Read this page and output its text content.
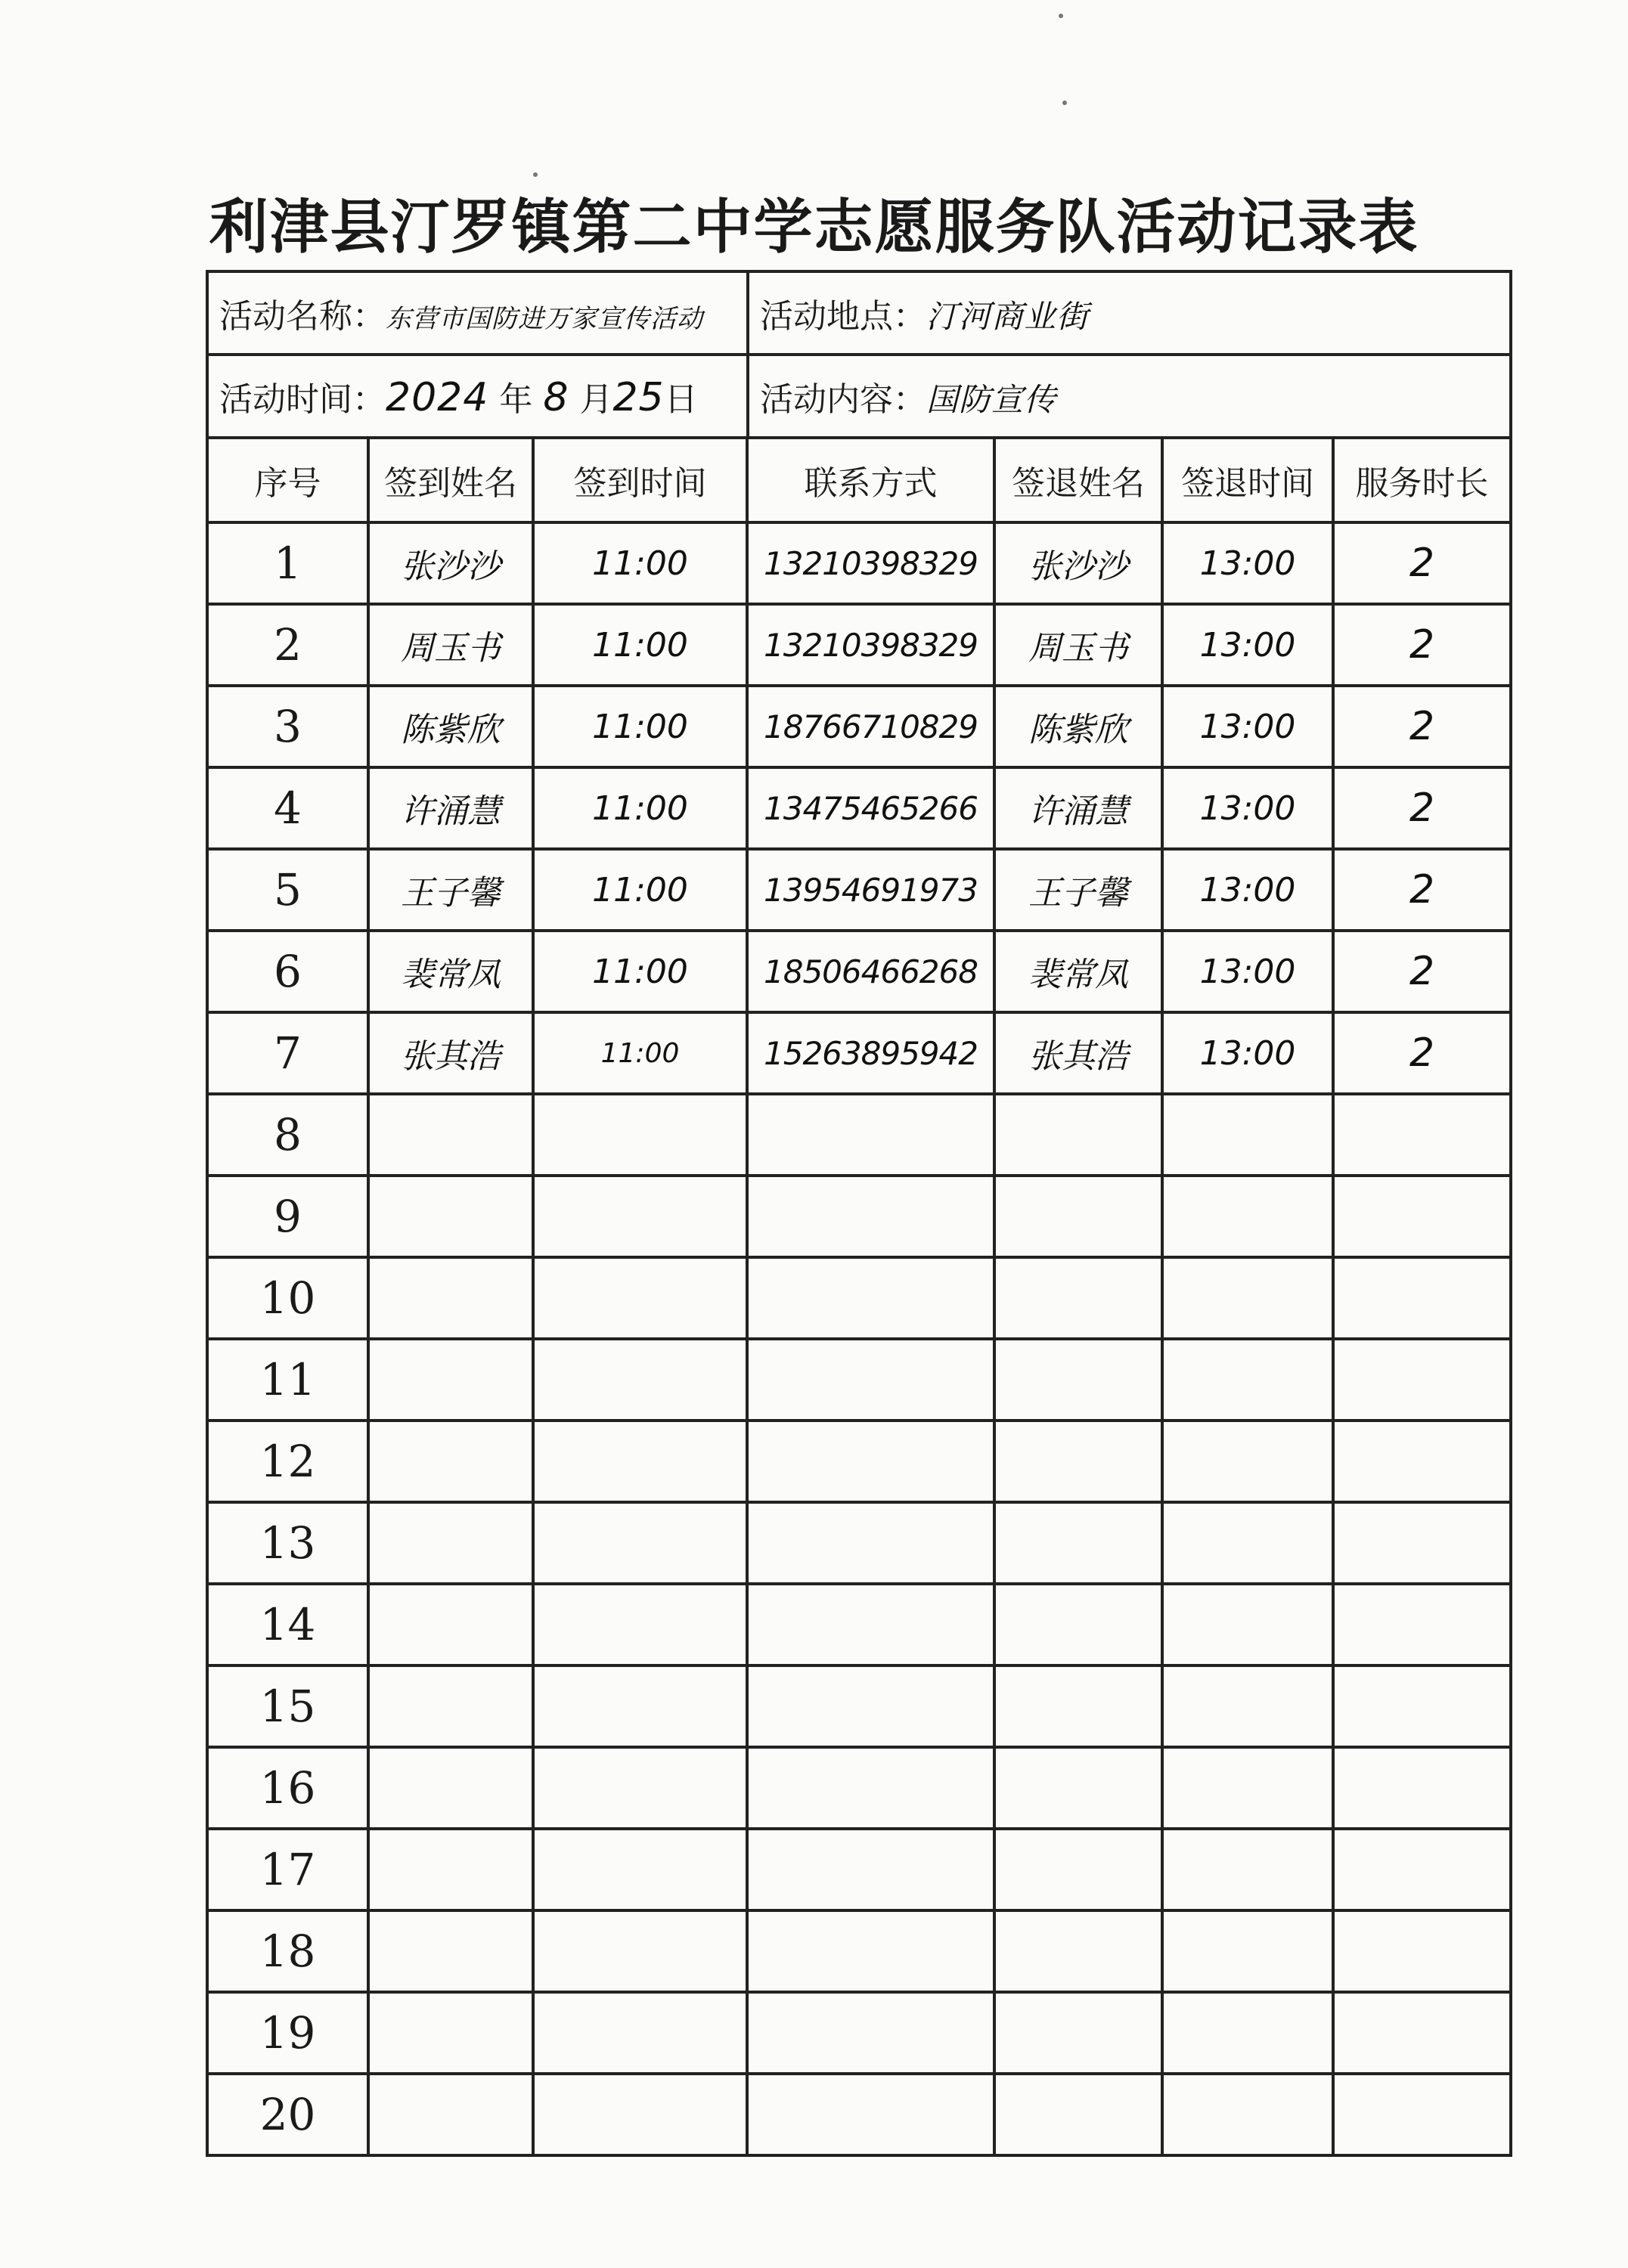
利津县汀罗镇第二中学志愿服务队活动记录表
活动名称：东营市国防进万家宣传活动	活动地点：汀河商业街
活动时间：2024 年 8 月25日	活动内容：国防宣传
序号	签到姓名	签到时间	联系方式	签退姓名	签退时间	服务时长
1	张沙沙	11:00	13210398329	张沙沙	13:00	2
2	周玉书	11:00	13210398329	周玉书	13:00	2
3	陈紫欣	11:00	18766710829	陈紫欣	13:00	2
4	许涌慧	11:00	13475465266	许涌慧	13:00	2
5	王子馨	11:00	13954691973	王子馨	13:00	2
6	裴常凤	11:00	18506466268	裴常凤	13:00	2
7	张其浩	11:00	15263895942	张其浩	13:00	2
8						
9						
10						
11						
12						
13						
14						
15						
16						
17						
18						
19						
20						
